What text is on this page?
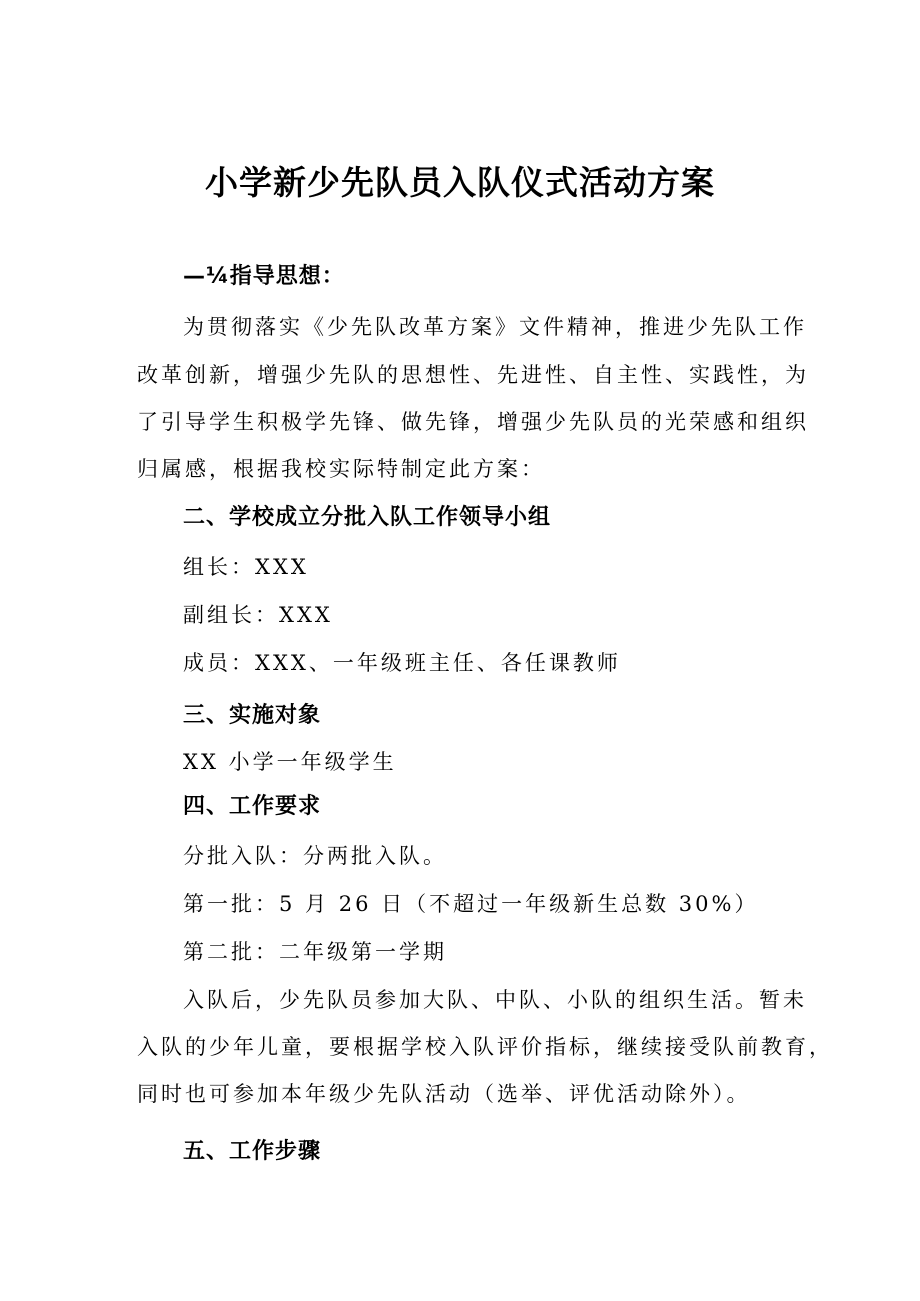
小学新少先队员入队仪式活动方案
—¼指导思想：
为贯彻落实《少先队改革方案》文件精神，推进少先队工作
改革创新，增强少先队的思想性、先进性、自主性、实践性，为
了引导学生积极学先锋、做先锋，增强少先队员的光荣感和组织
归属感，根据我校实际特制定此方案：
二、学校成立分批入队工作领导小组
组长：XXX
副组长：XXX
成员：XXX、一年级班主任、各任课教师
三、实施对象
XX 小学一年级学生
四、工作要求
分批入队：分两批入队。
第一批：5 月 26 日（不超过一年级新生总数 30%）
第二批：二年级第一学期
入队后，少先队员参加大队、中队、小队的组织生活。暂未
入队的少年儿童，要根据学校入队评价指标，继续接受队前教育，
同时也可参加本年级少先队活动（选举、评优活动除外）。
五、工作步骤
